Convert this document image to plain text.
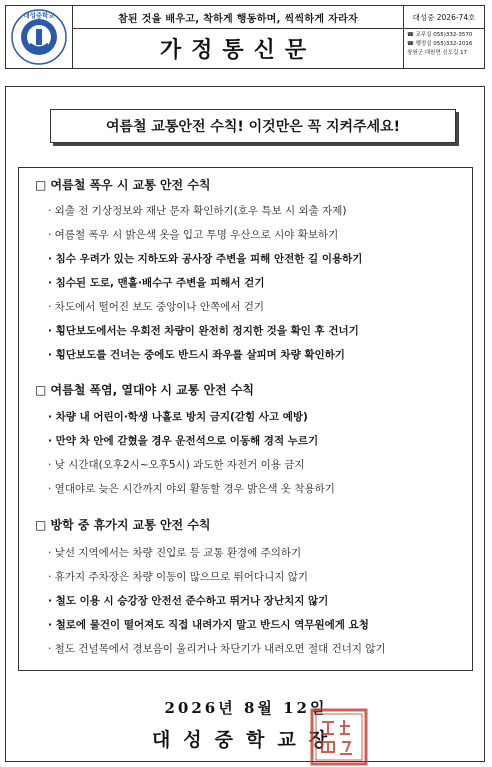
대성중학교	참된 것을 배우고, 착하게 행동하며, 씩씩하게 자라자
가정통신문
대성중 2026-74호
☎ 교무실 055)332-3570
☎ 행정실 055)332-2016
창원군 대원면 신도길 17
여름철 교통안전 수칙! 이것만은 꼭 지켜주세요!
□ 여름철 폭우 시 교통 안전 수칙
· 외출 전 기상정보와 재난 문자 확인하기(호우 특보 시 외출 자제)
· 여름철 폭우 시 밝은색 옷을 입고 투명 우산으로 시야 확보하기
· 침수 우려가 있는 지하도와 공사장 주변을 피해 안전한 길 이용하기
· 침수된 도로, 맨홀·배수구 주변을 피해서 걷기
· 차도에서 떨어진 보도 중앙이나 안쪽에서 걷기
· 횡단보도에서는 우회전 차량이 완전히 정지한 것을 확인 후 건너기
· 횡단보도를 건너는 중에도 반드시 좌우를 살피며 차량 확인하기
□ 여름철 폭염, 열대야 시 교통 안전 수칙
· 차량 내 어린이·학생 나홀로 방치 금지(갇힘 사고 예방)
· 만약 차 안에 갇혔을 경우 운전석으로 이동해 경적 누르기
· 낮 시간대(오후2시~오후5시) 과도한 자전거 이용 금지
· 열대야로 늦은 시간까지 야외 활동할 경우 밝은색 옷 착용하기
□ 방학 중 휴가지 교통 안전 수칙
· 낯선 지역에서는 차량 진입로 등 교통 환경에 주의하기
· 휴가지 주차장은 차량 이동이 많으므로 뛰어다니지 않기
· 철도 이용 시 승강장 안전선 준수하고 뛰거나 장난치지 않기
· 철로에 물건이 떨어져도 직접 내려가지 말고 반드시 역무원에게 요청
· 철도 건널목에서 경보음이 울리거나 차단기가 내려오면 절대 건너지 않기
2026년 8월 12일
대성중학교장
